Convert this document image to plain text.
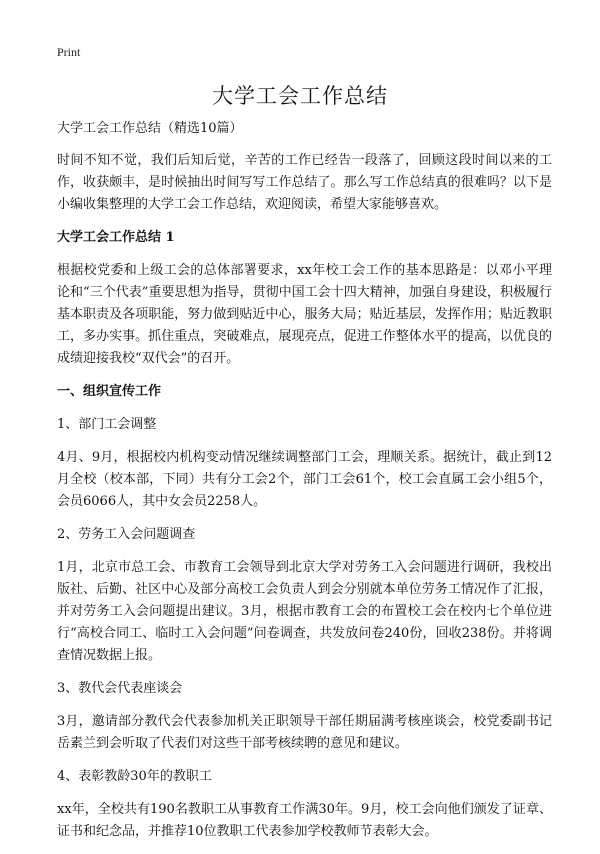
Print
大学工会工作总结

大学工会工作总结（精选10篇）

时间不知不觉，我们后知后觉，辛苦的工作已经告一段落了，回顾这段时间以来的工作，收获颇丰，是时候抽出时间写写工作总结了。那么写工作总结真的很难吗？以下是小编收集整理的大学工会工作总结，欢迎阅读，希望大家能够喜欢。

大学工会工作总结 1

根据校党委和上级工会的总体部署要求，xx年校工会工作的基本思路是：以邓小平理论和“三个代表”重要思想为指导，贯彻中国工会十四大精神，加强自身建设，积极履行基本职责及各项职能，努力做到贴近中心，服务大局；贴近基层，发挥作用；贴近教职工，多办实事。抓住重点，突破难点，展现亮点，促进工作整体水平的提高，以优良的成绩迎接我校“双代会”的召开。

一、组织宣传工作

1、部门工会调整

4月、9月，根据校内机构变动情况继续调整部门工会，理顺关系。据统计，截止到12月全校（校本部，下同）共有分工会2个，部门工会61个，校工会直属工会小组5个，会员6066人，其中女会员2258人。

2、劳务工入会问题调查

1月，北京市总工会、市教育工会领导到北京大学对劳务工入会问题进行调研，我校出版社、后勤、社区中心及部分高校工会负责人到会分别就本单位劳务工情况作了汇报，并对劳务工入会问题提出建议。3月，根据市教育工会的布置校工会在校内七个单位进行“高校合同工、临时工入会问题”问卷调查，共发放问卷240份，回收238份。并将调查情况数据上报。

3、教代会代表座谈会

3月，邀请部分教代会代表参加机关正职领导干部任期届满考核座谈会，校党委副书记岳素兰到会听取了代表们对这些干部考核续聘的意见和建议。

4、表彰教龄30年的教职工

xx年，全校共有190名教职工从事教育工作满30年。9月，校工会向他们颁发了证章、证书和纪念品，并推荐10位教职工代表参加学校教师节表彰大会。
